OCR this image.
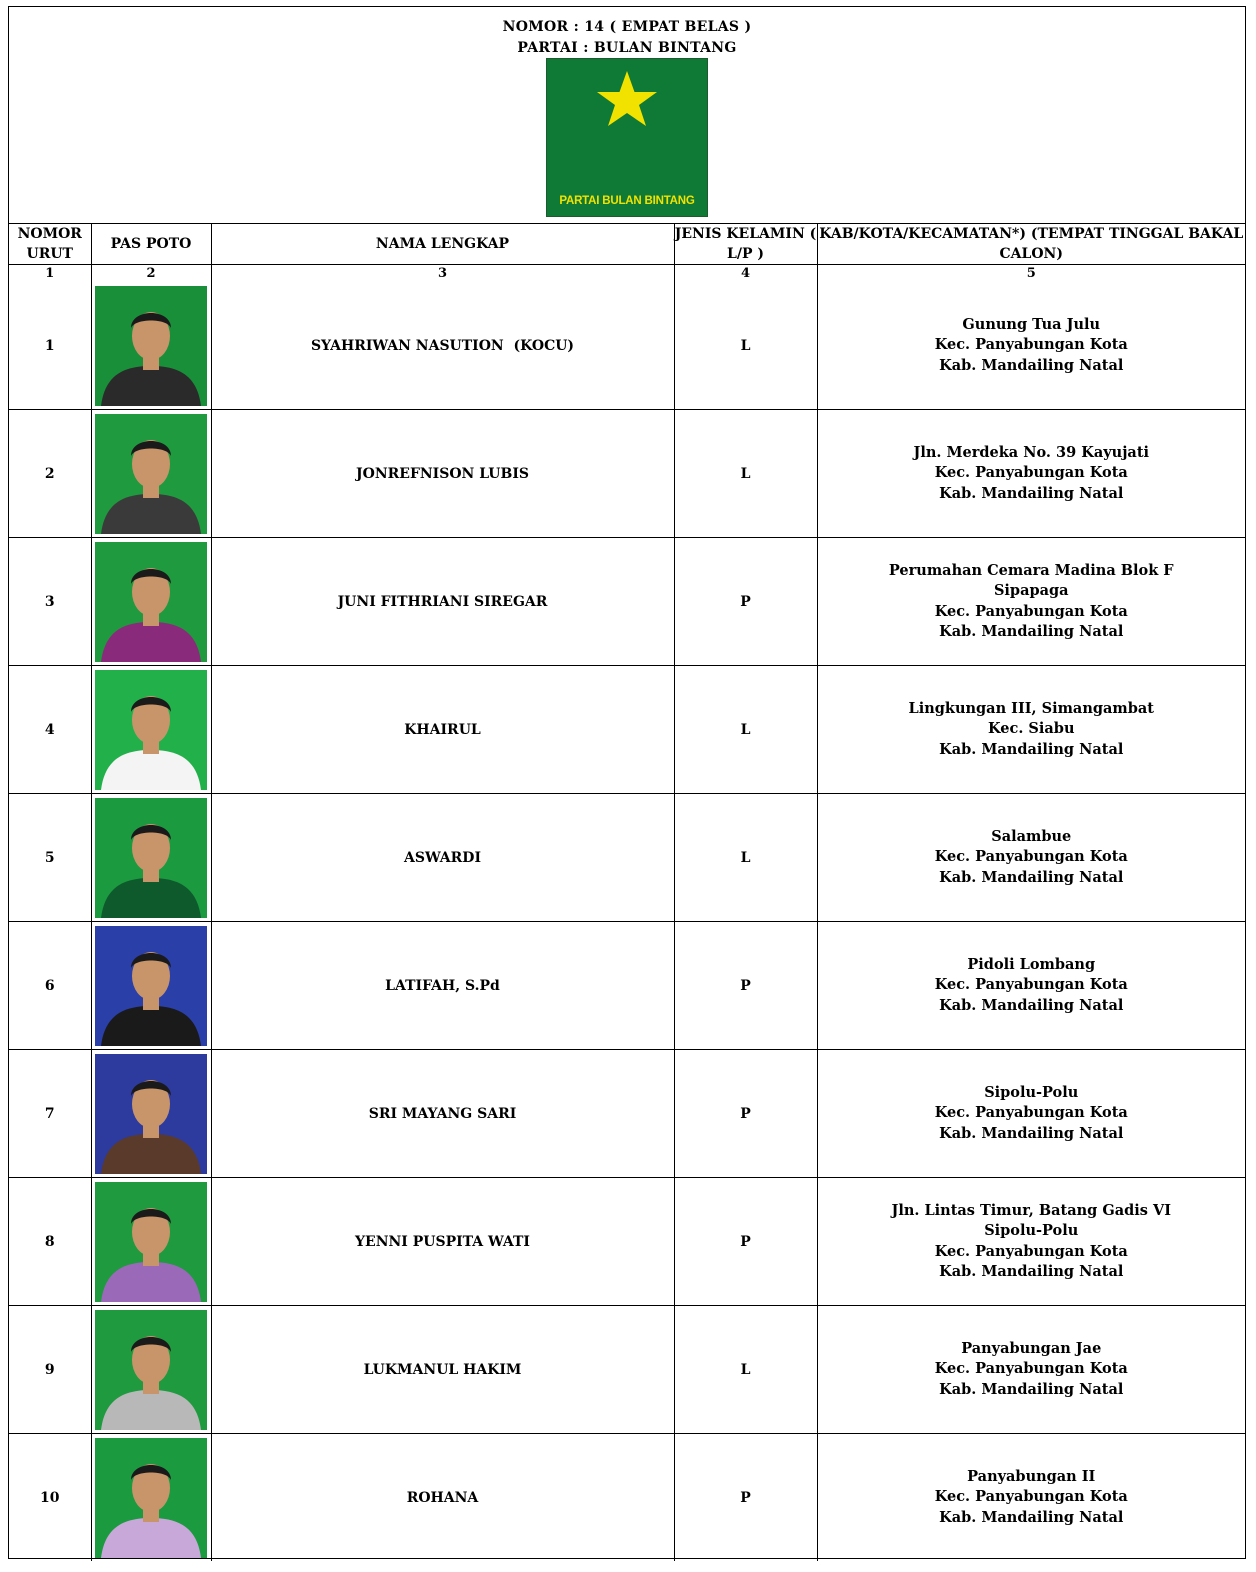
NOMOR : 14 ( EMPAT BELAS )
PARTAI : BULAN BINTANG
PARTAI BULAN BINTANG
NOMOR URUT	PAS POTO	NAMA LENGKAP	JENIS KELAMIN ( L/P )	KAB/KOTA/KECAMATAN*) (TEMPAT TINGGAL BAKAL CALON)
1	2	3	4	5
1		SYAHRIWAN NASUTION  (KOCU)	L	Gunung Tua Julu
Kec. Panyabungan Kota
Kab. Mandailing Natal

2		JONREFNISON LUBIS	L	Jln. Merdeka No. 39 Kayujati
Kec. Panyabungan Kota
Kab. Mandailing Natal

3		JUNI FITHRIANI SIREGAR	P	Perumahan Cemara Madina Blok F
Sipapaga
Kec. Panyabungan Kota
Kab. Mandailing Natal

4		KHAIRUL	L	Lingkungan III, Simangambat
Kec. Siabu
Kab. Mandailing Natal

5		ASWARDI	L	Salambue
Kec. Panyabungan Kota
Kab. Mandailing Natal

6		LATIFAH, S.Pd	P	Pidoli Lombang
Kec. Panyabungan Kota
Kab. Mandailing Natal

7		SRI MAYANG SARI	P	Sipolu-Polu
Kec. Panyabungan Kota
Kab. Mandailing Natal

8		YENNI PUSPITA WATI	P	Jln. Lintas Timur, Batang Gadis VI
Sipolu-Polu
Kec. Panyabungan Kota
Kab. Mandailing Natal

9		LUKMANUL HAKIM	L	Panyabungan Jae
Kec. Panyabungan Kota
Kab. Mandailing Natal

10		ROHANA	P	Panyabungan II
Kec. Panyabungan Kota
Kab. Mandailing Natal
